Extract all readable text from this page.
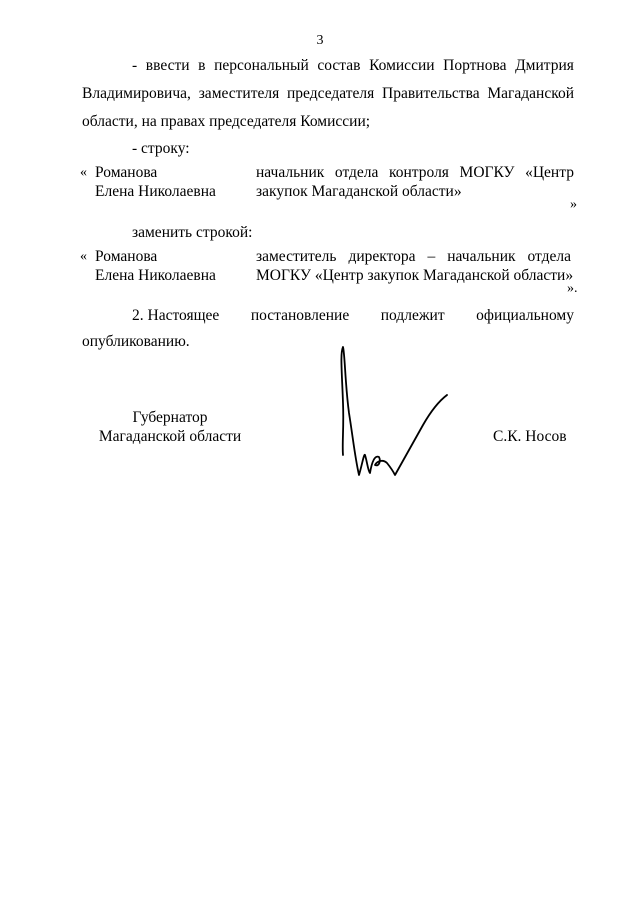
3
- ввести в персональный состав Комиссии Портнова Дмитрия
Владимировича, заместителя председателя Правительства Магаданской
области, на правах председателя Комиссии;
- строку:
« Романова
Елена Николаевна
начальник отдела контроля МОГКУ «Центр
закупок Магаданской области»
»
заменить строкой:
« Романова
Елена Николаевна
заместитель директора – начальник отдела
МОГКУ «Центр закупок Магаданской области»
».
2. Настоящее постановление подлежит официальному
опубликованию.
Губернатор
Магаданской области	С.К. Носов
